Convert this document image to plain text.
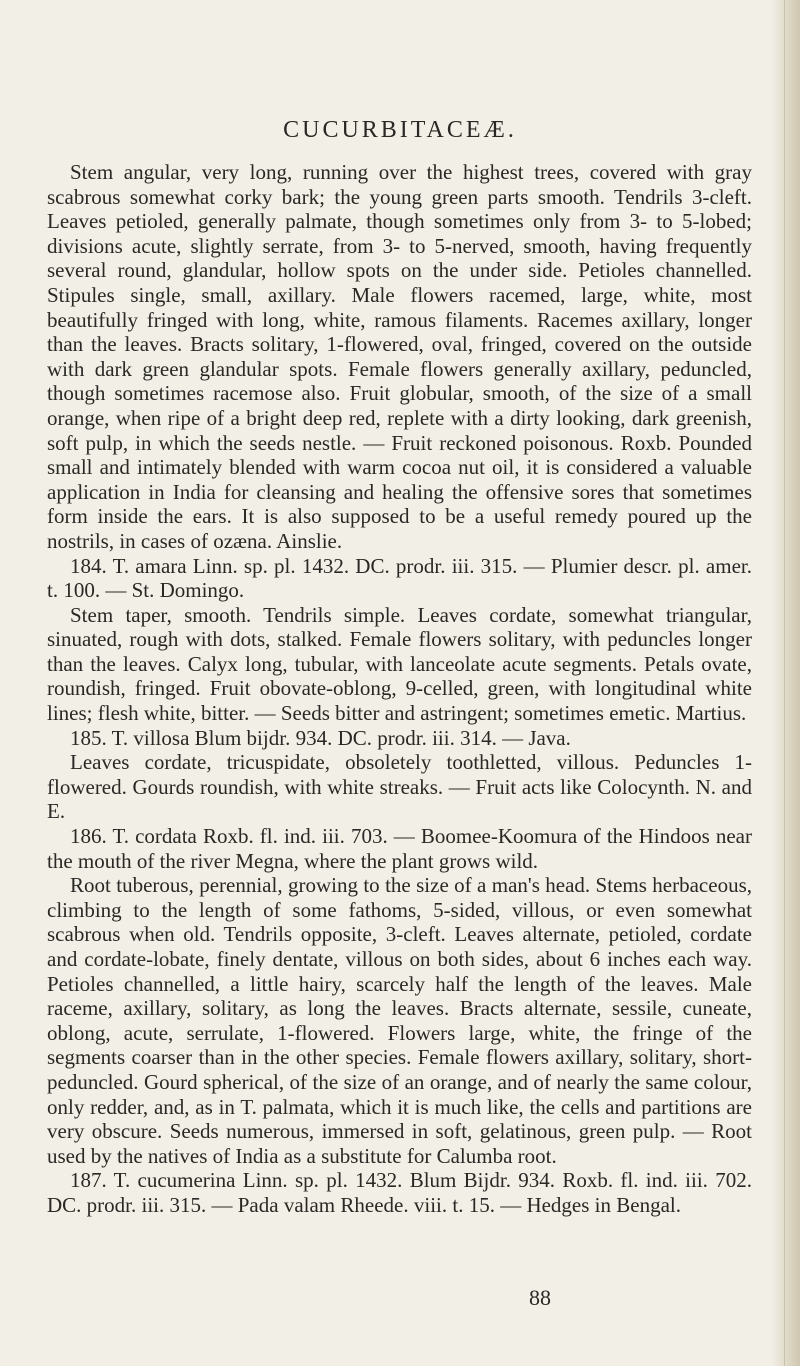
CUCURBITACEÆ.

Stem angular, very long, running over the highest trees, covered with gray scabrous somewhat corky bark; the young green parts smooth. Tendrils 3-cleft. Leaves petioled, generally palmate, though sometimes only from 3- to 5-lobed; divisions acute, slightly serrate, from 3- to 5-nerved, smooth, having frequently several round, glandular, hollow spots on the under side. Petioles channelled. Stipules single, small, axillary. Male flowers racemed, large, white, most beautifully fringed with long, white, ramous filaments. Racemes axillary, longer than the leaves. Bracts solitary, 1-flowered, oval, fringed, covered on the outside with dark green glandular spots. Female flowers generally axillary, peduncled, though sometimes racemose also. Fruit globular, smooth, of the size of a small orange, when ripe of a bright deep red, replete with a dirty looking, dark greenish, soft pulp, in which the seeds nestle. — Fruit reckoned poisonous. Roxb. Pounded small and intimately blended with warm cocoa nut oil, it is considered a valuable application in India for cleansing and healing the offensive sores that sometimes form inside the ears. It is also supposed to be a useful remedy poured up the nostrils, in cases of ozæna. Ainslie.

184. T. amara Linn. sp. pl. 1432. DC. prodr. iii. 315. — Plumier descr. pl. amer. t. 100. — St. Domingo.

Stem taper, smooth. Tendrils simple. Leaves cordate, somewhat triangular, sinuated, rough with dots, stalked. Female flowers solitary, with peduncles longer than the leaves. Calyx long, tubular, with lanceolate acute segments. Petals ovate, roundish, fringed. Fruit obovate-oblong, 9-celled, green, with longitudinal white lines; flesh white, bitter. — Seeds bitter and astringent; sometimes emetic. Martius.

185. T. villosa Blum bijdr. 934. DC. prodr. iii. 314. — Java.

Leaves cordate, tricuspidate, obsoletely toothletted, villous. Peduncles 1-flowered. Gourds roundish, with white streaks. — Fruit acts like Colocynth. N. and E.

186. T. cordata Roxb. fl. ind. iii. 703. — Boomee-Koomura of the Hindoos near the mouth of the river Megna, where the plant grows wild.

Root tuberous, perennial, growing to the size of a man's head. Stems herbaceous, climbing to the length of some fathoms, 5-sided, villous, or even somewhat scabrous when old. Tendrils opposite, 3-cleft. Leaves alternate, petioled, cordate and cordate-lobate, finely dentate, villous on both sides, about 6 inches each way. Petioles channelled, a little hairy, scarcely half the length of the leaves. Male raceme, axillary, solitary, as long the leaves. Bracts alternate, sessile, cuneate, oblong, acute, serrulate, 1-flowered. Flowers large, white, the fringe of the segments coarser than in the other species. Female flowers axillary, solitary, short-peduncled. Gourd spherical, of the size of an orange, and of nearly the same colour, only redder, and, as in T. palmata, which it is much like, the cells and partitions are very obscure. Seeds numerous, immersed in soft, gelatinous, green pulp. — Root used by the natives of India as a substitute for Calumba root.

187. T. cucumerina Linn. sp. pl. 1432. Blum Bijdr. 934. Roxb. fl. ind. iii. 702. DC. prodr. iii. 315. — Pada valam Rheede. viii. t. 15. — Hedges in Bengal.

88
